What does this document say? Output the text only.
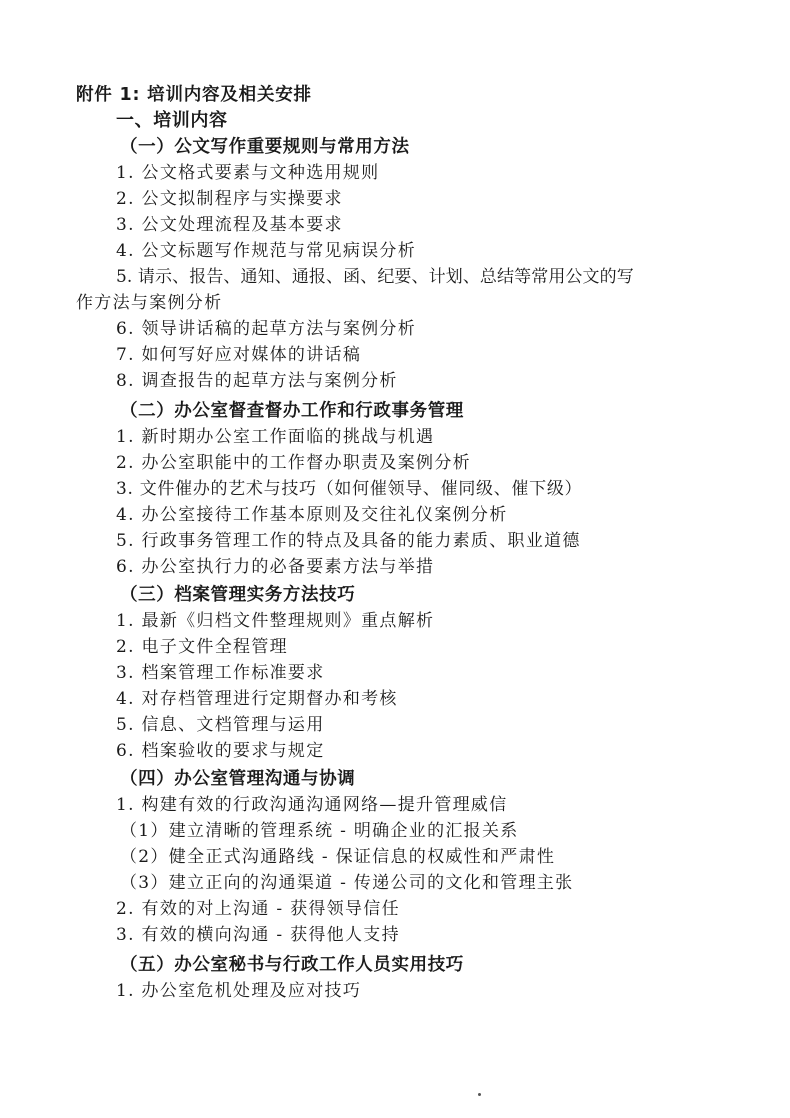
附件 1: 培训内容及相关安排
一、培训内容
（一）公文写作重要规则与常用方法
1. 公文格式要素与文种选用规则
2. 公文拟制程序与实操要求
3. 公文处理流程及基本要求
4. 公文标题写作规范与常见病误分析
5. 请示、报告、通知、通报、函、纪要、计划、总结等常用公文的写
作方法与案例分析
6. 领导讲话稿的起草方法与案例分析
7. 如何写好应对媒体的讲话稿
8. 调查报告的起草方法与案例分析
（二）办公室督查督办工作和行政事务管理
1. 新时期办公室工作面临的挑战与机遇
2. 办公室职能中的工作督办职责及案例分析
3. 文件催办的艺术与技巧（如何催领导、催同级、催下级）
4. 办公室接待工作基本原则及交往礼仪案例分析
5. 行政事务管理工作的特点及具备的能力素质、职业道德
6. 办公室执行力的必备要素方法与举措
（三）档案管理实务方法技巧
1. 最新《归档文件整理规则》重点解析
2. 电子文件全程管理
3. 档案管理工作标准要求
4. 对存档管理进行定期督办和考核
5. 信息、文档管理与运用
6. 档案验收的要求与规定
（四）办公室管理沟通与协调
1. 构建有效的行政沟通沟通网络—提升管理威信
（1）建立清晰的管理系统 - 明确企业的汇报关系
（2）健全正式沟通路线 - 保证信息的权威性和严肃性
（3）建立正向的沟通渠道 - 传递公司的文化和管理主张
2. 有效的对上沟通 - 获得领导信任
3. 有效的横向沟通 - 获得他人支持
（五）办公室秘书与行政工作人员实用技巧
1. 办公室危机处理及应对技巧
